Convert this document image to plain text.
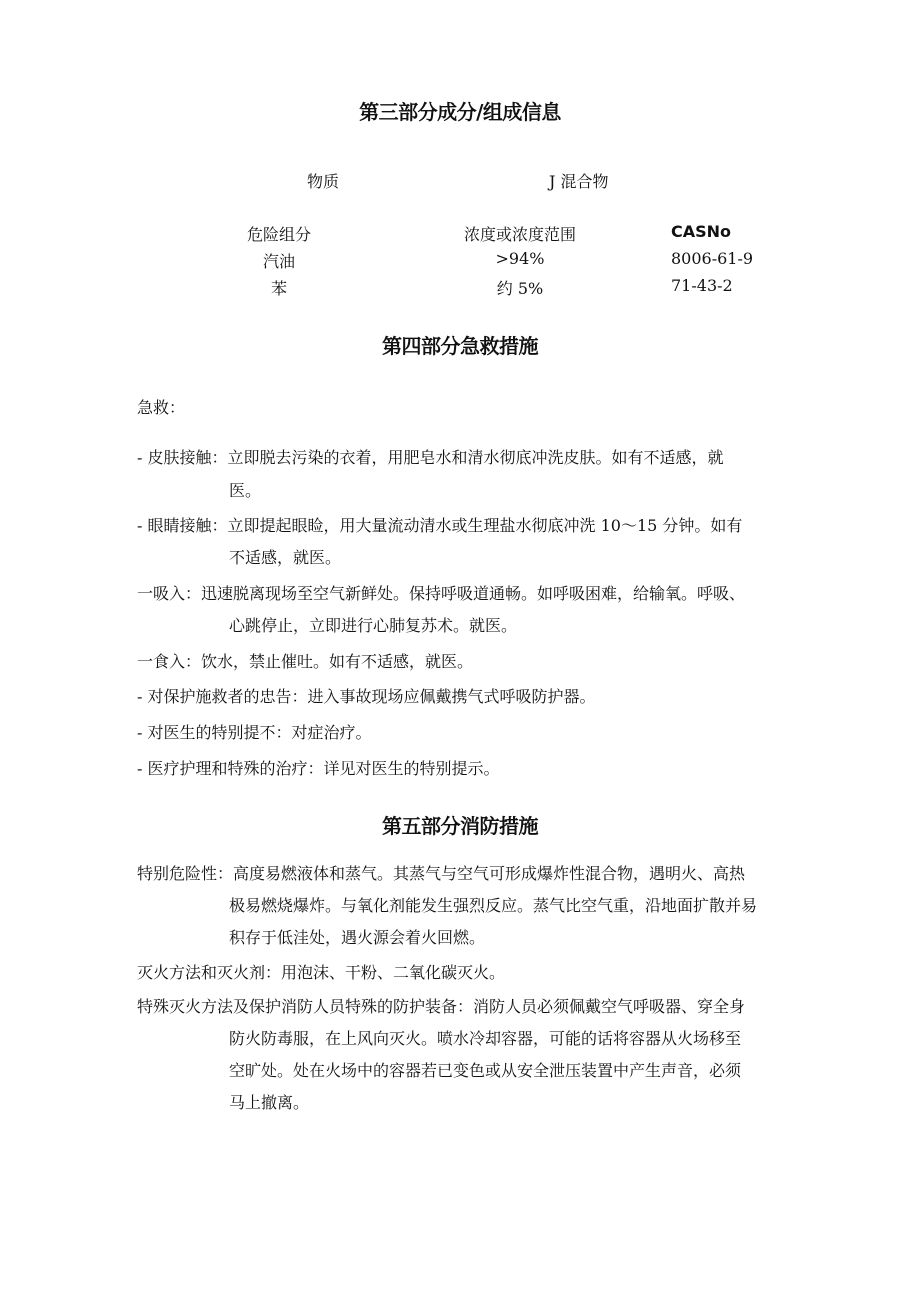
第三部分成分/组成信息
物质	J 混合物
危险组分	浓度或浓度范围	CASNo
汽油	>94%	8006-61-9
苯	约 5%	71-43-2
第四部分急救措施
急救：
- 皮肤接触：立即脱去污染的衣着，用肥皂水和清水彻底冲洗皮肤。如有不适感，就
医。
- 眼睛接触：立即提起眼睑，用大量流动清水或生理盐水彻底冲洗 10～15 分钟。如有
不适感，就医。
一吸入：迅速脱离现场至空气新鲜处。保持呼吸道通畅。如呼吸困难，给输氧。呼吸、
心跳停止，立即进行心肺复苏术。就医。
一食入：饮水，禁止催吐。如有不适感，就医。
- 对保护施救者的忠告：进入事故现场应佩戴携气式呼吸防护器。
- 对医生的特别提不：对症治疗。
- 医疗护理和特殊的治疗：详见对医生的特别提示。
第五部分消防措施
特别危险性：高度易燃液体和蒸气。其蒸气与空气可形成爆炸性混合物，遇明火、高热
极易燃烧爆炸。与氧化剂能发生强烈反应。蒸气比空气重，沿地面扩散并易
积存于低洼处，遇火源会着火回燃。
灭火方法和灭火剂：用泡沫、干粉、二氧化碳灭火。
特殊灭火方法及保护消防人员特殊的防护装备：消防人员必须佩戴空气呼吸器、穿全身
防火防毒服，在上风向灭火。喷水冷却容器，可能的话将容器从火场移至
空旷处。处在火场中的容器若已变色或从安全泄压装置中产生声音，必须
马上撤离。
